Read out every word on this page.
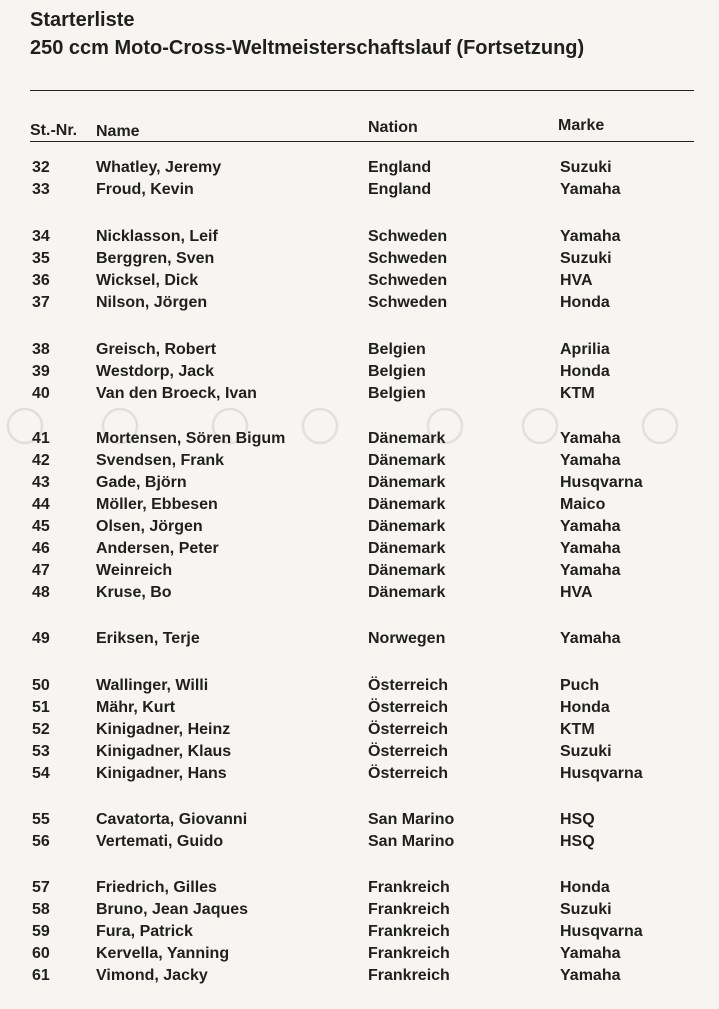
Starterliste
250 ccm Moto-Cross-Weltmeisterschaftslauf (Fortsetzung)
St.-Nr. Name	Nation	Marke
32	Whatley, Jeremy	England	Suzuki
33	Froud, Kevin	England	Yamaha
34	Nicklasson, Leif	Schweden	Yamaha
35	Berggren, Sven	Schweden	Suzuki
36	Wicksel, Dick	Schweden	HVA
37	Nilson, Jörgen	Schweden	Honda
38	Greisch, Robert	Belgien	Aprilia
39	Westdorp, Jack	Belgien	Honda
40	Van den Broeck, Ivan	Belgien	KTM
41	Mortensen, Sören Bigum	Dänemark	Yamaha
42	Svendsen, Frank	Dänemark	Yamaha
43	Gade, Björn	Dänemark	Husqvarna
44	Möller, Ebbesen	Dänemark	Maico
45	Olsen, Jörgen	Dänemark	Yamaha
46	Andersen, Peter	Dänemark	Yamaha
47	Weinreich	Dänemark	Yamaha
48	Kruse, Bo	Dänemark	HVA
49	Eriksen, Terje	Norwegen	Yamaha
50	Wallinger, Willi	Österreich	Puch
51	Mähr, Kurt	Österreich	Honda
52	Kinigadner, Heinz	Österreich	KTM
53	Kinigadner, Klaus	Österreich	Suzuki
54	Kinigadner, Hans	Österreich	Husqvarna
55	Cavatorta, Giovanni	San Marino	HSQ
56	Vertemati, Guido	San Marino	HSQ
57	Friedrich, Gilles	Frankreich	Honda
58	Bruno, Jean Jaques	Frankreich	Suzuki
59	Fura, Patrick	Frankreich	Husqvarna
60	Kervella, Yanning	Frankreich	Yamaha
61	Vimond, Jacky	Frankreich	Yamaha
